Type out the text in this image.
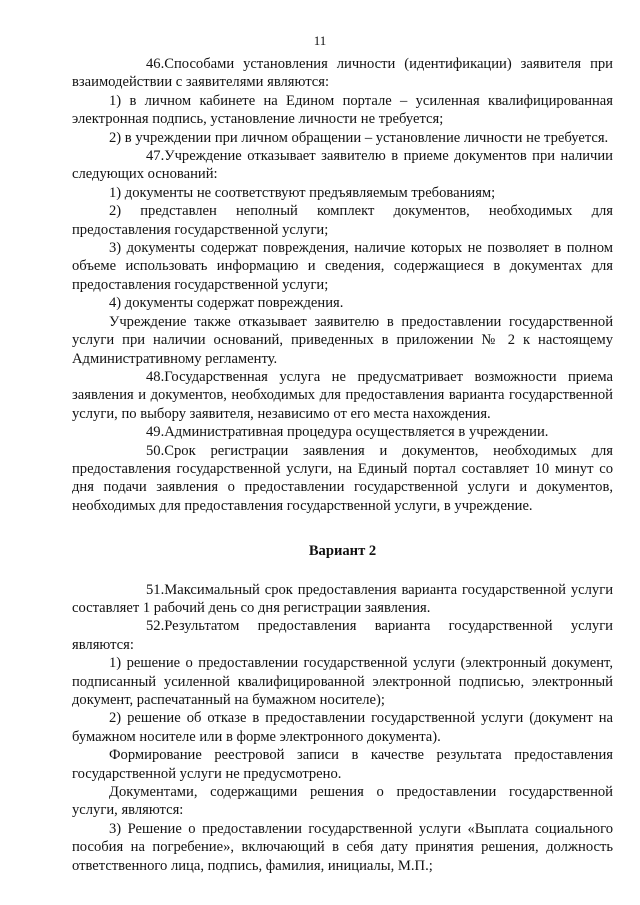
11

46.Способами установления личности (идентификации) заявителя при взаимодействии с заявителями являются:

1) в личном кабинете на Едином портале – усиленная квалифицированная электронная подпись, установление личности не требуется;

2) в учреждении при личном обращении – установление личности не требуется.

47.Учреждение отказывает заявителю в приеме документов при наличии следующих оснований:

1) документы не соответствуют предъявляемым требованиям;

2) представлен неполный комплект документов, необходимых для предоставления государственной услуги;

3) документы содержат повреждения, наличие которых не позволяет в полном объеме использовать информацию и сведения, содержащиеся в документах для предоставления государственной услуги;

4) документы содержат повреждения.

Учреждение также отказывает заявителю в предоставлении государственной услуги при наличии оснований, приведенных в приложении № 2 к настоящему Административному регламенту.

48.Государственная услуга не предусматривает возможности приема заявления и документов, необходимых для предоставления варианта государственной услуги, по выбору заявителя, независимо от его места нахождения.

49.Административная процедура осуществляется в учреждении.

50.Срок регистрации заявления и документов, необходимых для предоставления государственной услуги, на Единый портал составляет 10 минут со дня подачи заявления о предоставлении государственной услуги и документов, необходимых для предоставления государственной услуги, в учреждение.

Вариант 2

51.Максимальный срок предоставления варианта государственной услуги составляет 1 рабочий день со дня регистрации заявления.

52.Результатом предоставления варианта государственной услуги являются:

1) решение о предоставлении государственной услуги (электронный документ, подписанный усиленной квалифицированной электронной подписью, электронный документ, распечатанный на бумажном носителе);

2) решение об отказе в предоставлении государственной услуги (документ на бумажном носителе или в форме электронного документа).

Формирование реестровой записи в качестве результата предоставления государственной услуги не предусмотрено.

Документами, содержащими решения о предоставлении государственной услуги, являются:

3) Решение о предоставлении государственной услуги «Выплата социального пособия на погребение», включающий в себя дату принятия решения, должность ответственного лица, подпись, фамилия, инициалы, М.П.;
